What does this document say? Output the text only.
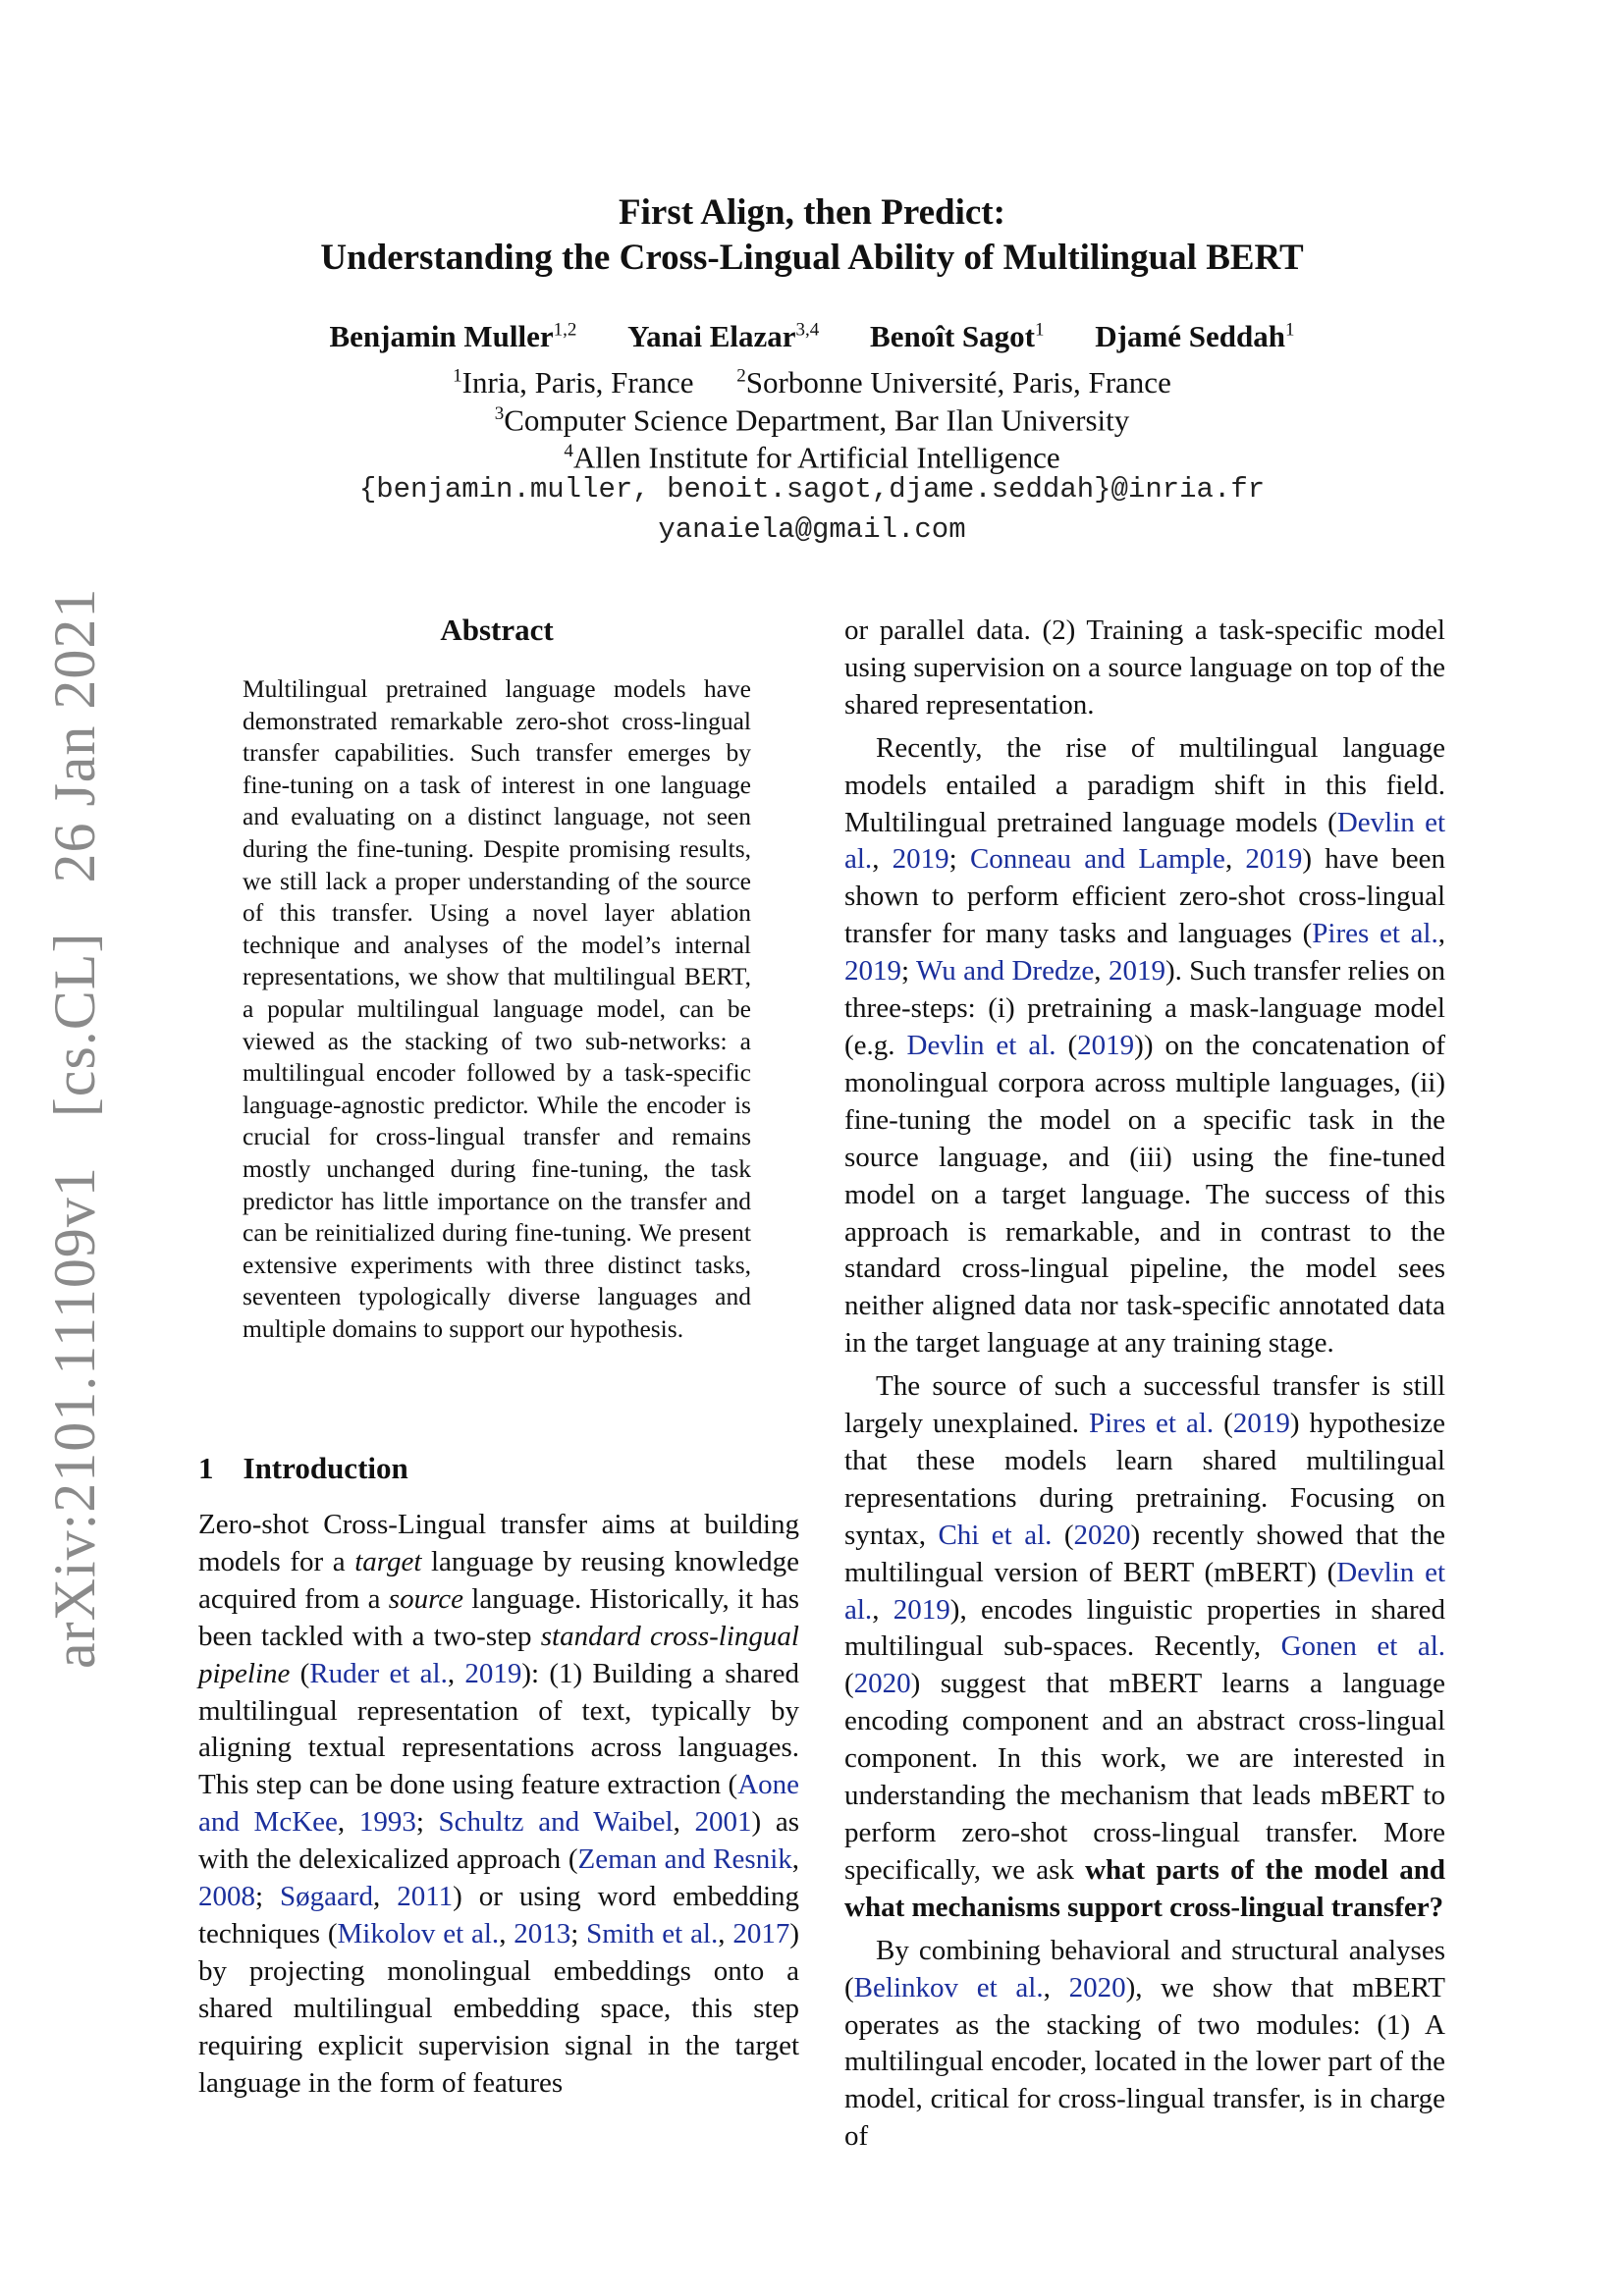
arXiv:2101.11109v1 [cs.CL] 26 Jan 2021
First Align, then Predict:
Understanding the Cross-Lingual Ability of Multilingual BERT
Benjamin Muller$^{1,2}$ Yanai Elazar$^{3,4}$ Benoît Sagot$^1$ Djamé Seddah$^1$
$^1$Inria, Paris, France $^2$Sorbonne Université, Paris, France
$^3$Computer Science Department, Bar Ilan University
$^4$Allen Institute for Artificial Intelligence
{benjamin.muller, benoit.sagot,djame.seddah}@inria.fr
yanaiela@gmail.com
Abstract
Multilingual pretrained language models have demonstrated remarkable zero-shot cross-lingual transfer capabilities. Such transfer emerges by fine-tuning on a task of interest in one language and evaluating on a distinct language, not seen during the fine-tuning. Despite promising results, we still lack a proper understanding of the source of this transfer. Using a novel layer ablation technique and analyses of the model’s internal representations, we show that multilingual BERT, a popular multilingual language model, can be viewed as the stacking of two sub-networks: a multilingual encoder followed by a task-specific language-agnostic predictor. While the encoder is crucial for cross-lingual transfer and remains mostly unchanged during fine-tuning, the task predictor has little importance on the transfer and can be reinitialized during fine-tuning. We present extensive experiments with three distinct tasks, seventeen typologically diverse languages and multiple domains to support our hypothesis.
1 Introduction
Zero-shot Cross-Lingual transfer aims at building models for a target language by reusing knowledge acquired from a source language. Historically, it has been tackled with a two-step standard cross-lingual pipeline (Ruder et al., 2019): (1) Building a shared multilingual representation of text, typically by aligning textual representations across languages. This step can be done using feature extraction (Aone and McKee, 1993; Schultz and Waibel, 2001) as with the delexicalized approach (Zeman and Resnik, 2008; Søgaard, 2011) or using word embedding techniques (Mikolov et al., 2013; Smith et al., 2017) by projecting monolingual embeddings onto a shared multilingual embedding space, this step requiring explicit supervision signal in the target language in the form of features

or parallel data. (2) Training a task-specific model using supervision on a source language on top of the shared representation.

Recently, the rise of multilingual language models entailed a paradigm shift in this field. Multilingual pretrained language models (Devlin et al., 2019; Conneau and Lample, 2019) have been shown to perform efficient zero-shot cross-lingual transfer for many tasks and languages (Pires et al., 2019; Wu and Dredze, 2019). Such transfer relies on three-steps: (i) pretraining a mask-language model (e.g. Devlin et al. (2019)) on the concatenation of monolingual corpora across multiple languages, (ii) fine-tuning the model on a specific task in the source language, and (iii) using the fine-tuned model on a target language. The success of this approach is remarkable, and in contrast to the standard cross-lingual pipeline, the model sees neither aligned data nor task-specific annotated data in the target language at any training stage.

The source of such a successful transfer is still largely unexplained. Pires et al. (2019) hypothesize that these models learn shared multilingual representations during pretraining. Focusing on syntax, Chi et al. (2020) recently showed that the multilingual version of BERT (mBERT) (Devlin et al., 2019), encodes linguistic properties in shared multilingual sub-spaces. Recently, Gonen et al. (2020) suggest that mBERT learns a language encoding component and an abstract cross-lingual component. In this work, we are interested in understanding the mechanism that leads mBERT to perform zero-shot cross-lingual transfer. More specifically, we ask what parts of the model and what mechanisms support cross-lingual transfer?

By combining behavioral and structural analyses (Belinkov et al., 2020), we show that mBERT operates as the stacking of two modules: (1) A multilingual encoder, located in the lower part of the model, critical for cross-lingual transfer, is in charge of
